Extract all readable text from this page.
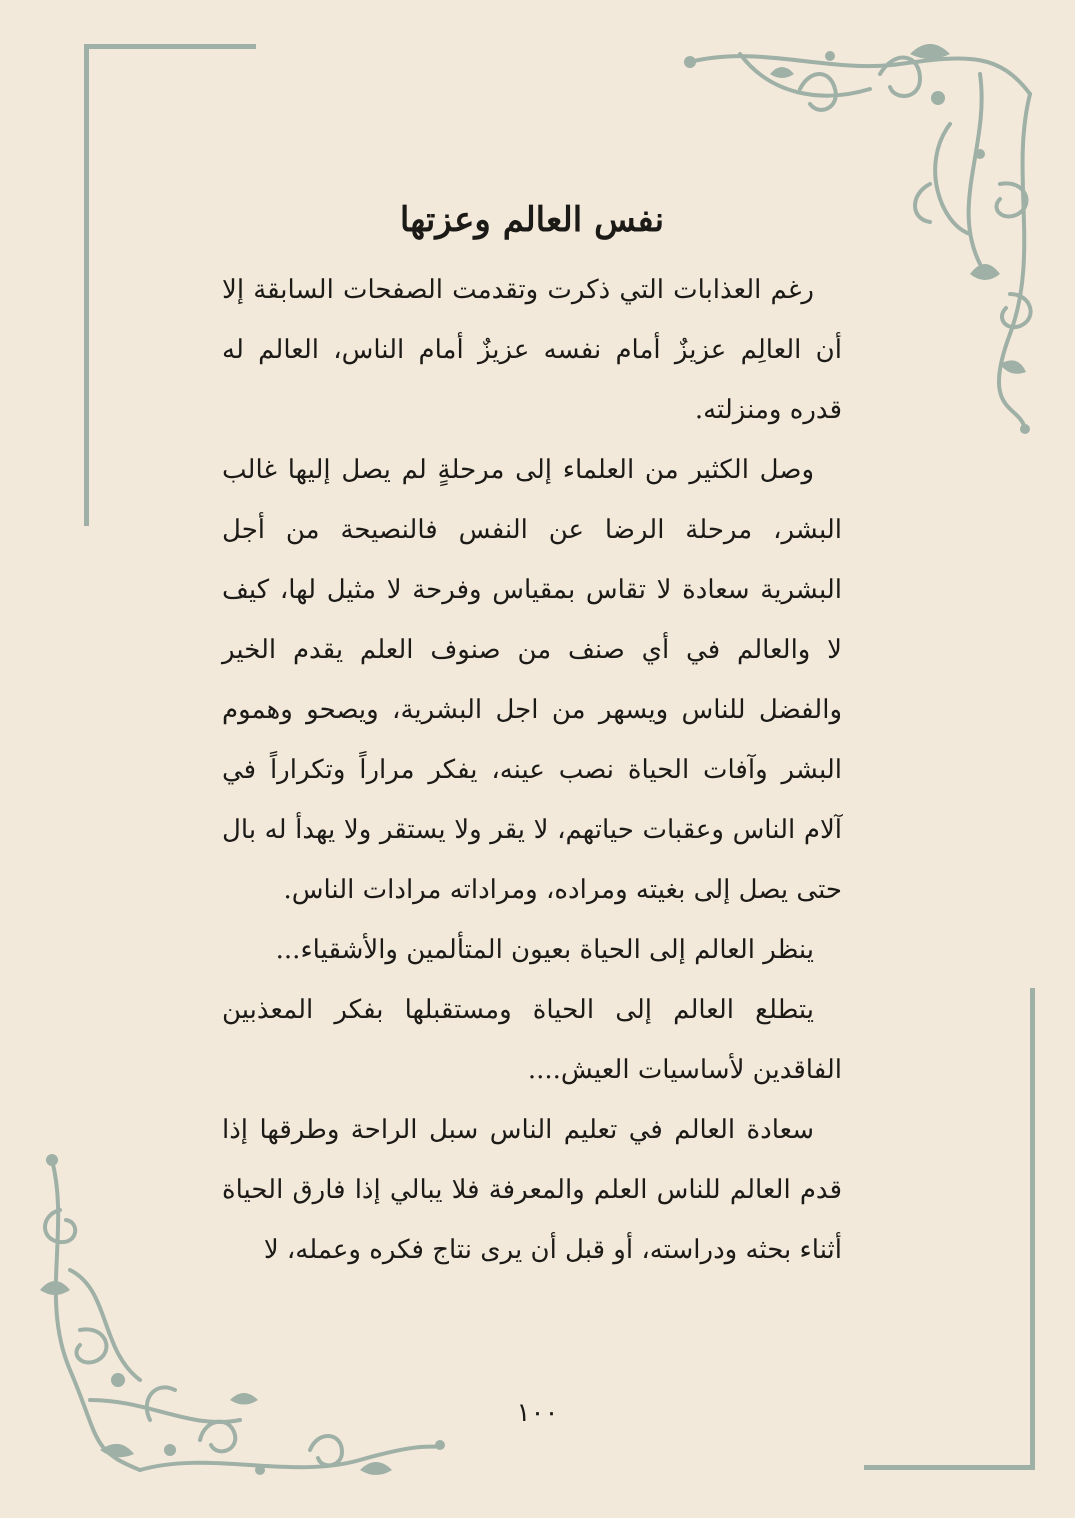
نفس العالم وعزتها

رغم العذابات التي ذكرت وتقدمت الصفحات السابقة إلا أن العالِم عزيزٌ أمام نفسه عزيزٌ أمام الناس، العالم له قدره ومنزلته.

وصل الكثير من العلماء إلى مرحلةٍ لم يصل إليها غالب البشر، مرحلة الرضا عن النفس فالنصيحة من أجل البشرية سعادة لا تقاس بمقياس وفرحة لا مثيل لها، كيف لا والعالم في أي صنف من صنوف العلم يقدم الخير والفضل للناس ويسهر من اجل البشرية، ويصحو وهموم البشر وآفات الحياة نصب عينه، يفكر مراراً وتكراراً في آلام الناس وعقبات حياتهم، لا يقر ولا يستقر ولا يهدأ له بال حتى يصل إلى بغيته ومراده، ومراداته مرادات الناس.

ينظر العالم إلى الحياة بعيون المتألمين والأشقياء...

يتطلع العالم إلى الحياة ومستقبلها بفكر المعذبين الفاقدين لأساسيات العيش....

سعادة العالم في تعليم الناس سبل الراحة وطرقها إذا قدم العالم للناس العلم والمعرفة فلا يبالي إذا فارق الحياة أثناء بحثه ودراسته، أو قبل أن يرى نتاج فكره وعمله، لا

١٠٠
